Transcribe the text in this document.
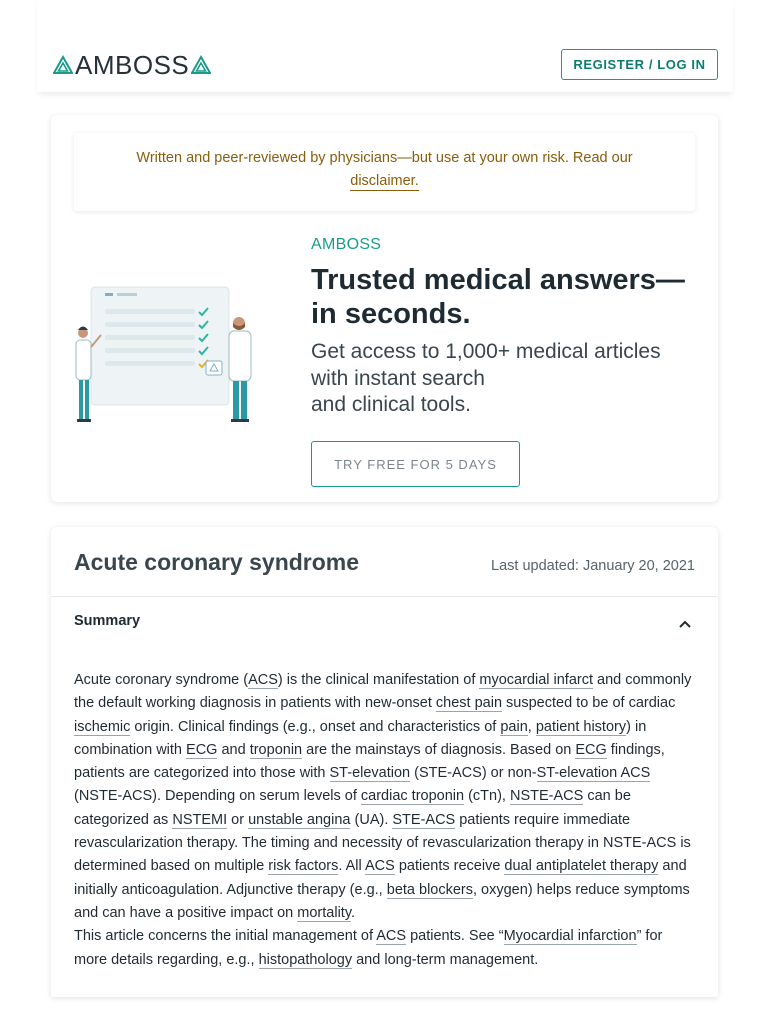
AMBOSS	REGISTER / LOG IN
Written and peer-reviewed by physicians—but use at your own risk. Read our
disclaimer.
AMBOSS
Trusted medical answers—in seconds.
Get access to 1,000+ medical articles
with instant search
and clinical tools.
TRY FREE FOR 5 DAYS
Acute coronary syndrome	Last updated: January 20, 2021
Summary

Acute coronary syndrome (ACS) is the clinical manifestation of myocardial infarct and commonly the default working diagnosis in patients with new-onset chest pain suspected to be of cardiac ischemic origin. Clinical findings (e.g., onset and characteristics of pain, patient history) in combination with ECG and troponin are the mainstays of diagnosis. Based on ECG findings, patients are categorized into those with ST-elevation (STE-ACS) or non-ST-elevation ACS (NSTE-ACS). Depending on serum levels of cardiac troponin (cTn), NSTE-ACS can be categorized as NSTEMI or unstable angina (UA). STE-ACS patients require immediate revascularization therapy. The timing and necessity of revascularization therapy in NSTE-ACS is determined based on multiple risk factors. All ACS patients receive dual antiplatelet therapy and initially anticoagulation. Adjunctive therapy (e.g., beta blockers, oxygen) helps reduce symptoms and can have a positive impact on mortality.

This article concerns the initial management of ACS patients. See “Myocardial infarction” for more details regarding, e.g., histopathology and long-term management.
